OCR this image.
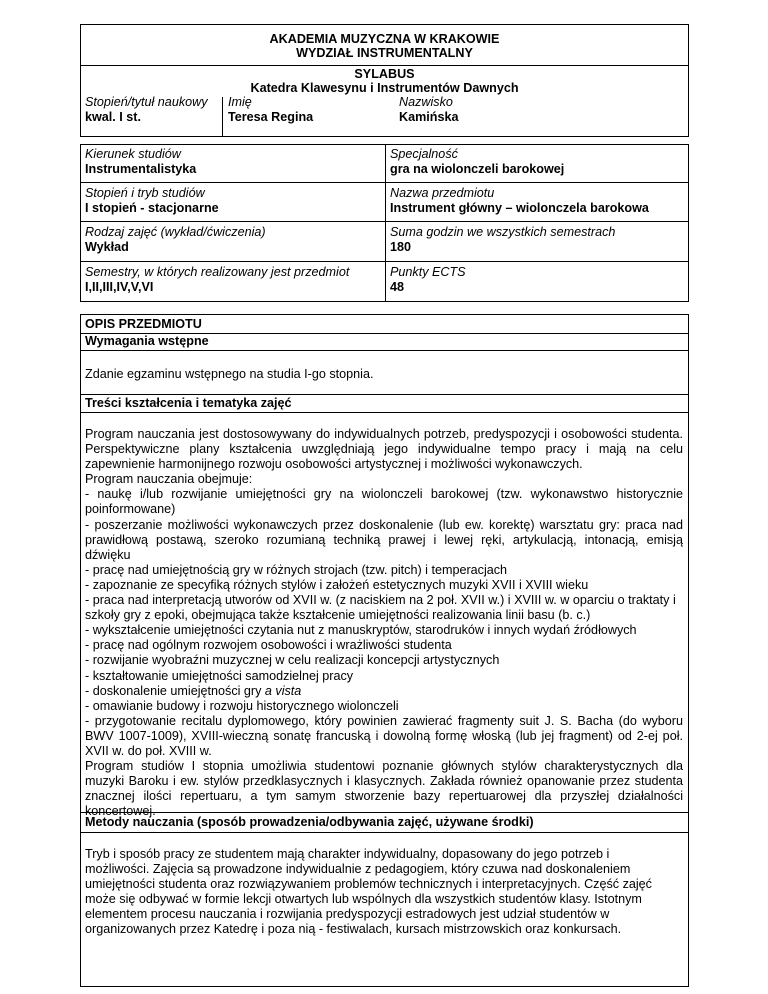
AKADEMIA MUZYCZNA W KRAKOWIE
WYDZIAŁ INSTRUMENTALNY
SYLABUS
Katedra Klawesynu i Instrumentów Dawnych
Stopień/tytuł naukowy
kwal. I st.
Imię
Teresa Regina
Nazwisko
Kamińska
Kierunek studiów
Instrumentalistyka
Specjalność
gra na wiolonczeli barokowej
Stopień i tryb studiów
I stopień - stacjonarne
Nazwa przedmiotu
Instrument główny – wiolonczela barokowa
Rodzaj zajęć (wykład/ćwiczenia)
Wykład
Suma godzin we wszystkich semestrach
180
Semestry, w których realizowany jest przedmiot
I,II,III,IV,V,VI
Punkty ECTS
48
OPIS PRZEDMIOTU
Wymagania wstępne
Zdanie egzaminu wstępnego na studia I-go stopnia.
Treści kształcenia i tematyka zajęć
Program nauczania jest dostosowywany do indywidualnych potrzeb, predyspozycji i osobowości studenta.
Perspektywiczne plany kształcenia uwzględniają jego indywidualne tempo pracy i mają na celu
zapewnienie harmonijnego rozwoju osobowości artystycznej i możliwości wykonawczych.
Program nauczania obejmuje:
- naukę i/lub rozwijanie umiejętności gry na wiolonczeli barokowej (tzw. wykonawstwo historycznie
poinformowane)
- poszerzanie możliwości wykonawczych przez doskonalenie (lub ew. korektę) warsztatu gry: praca nad
prawidłową postawą, szeroko rozumianą techniką prawej i lewej ręki, artykulacją, intonacją, emisją
dźwięku
- pracę nad umiejętnością gry w różnych strojach (tzw. pitch) i temperacjach
- zapoznanie ze specyfiką różnych stylów i założeń estetycznych muzyki XVII i XVIII wieku
- praca nad interpretacją utworów od XVII w. (z naciskiem na 2 poł. XVII w.) i XVIII w. w oparciu o traktaty i
szkoły gry z epoki, obejmująca także kształcenie umiejętności realizowania linii basu (b. c.)
- wykształcenie umiejętności czytania nut z manuskryptów, starodruków i innych wydań źródłowych
- pracę nad ogólnym rozwojem osobowości i wrażliwości studenta
- rozwijanie wyobraźni muzycznej w celu realizacji koncepcji artystycznych
- kształtowanie umiejętności samodzielnej pracy
- doskonalenie umiejętności gry a vista
- omawianie budowy i rozwoju historycznego wiolonczeli
- przygotowanie recitalu dyplomowego, który powinien zawierać fragmenty suit J. S. Bacha (do wyboru
BWV 1007-1009), XVIII-wieczną sonatę francuską i dowolną formę włoską (lub jej fragment) od 2-ej poł.
XVII w. do poł. XVIII w.
Program studiów I stopnia umożliwia studentowi poznanie głównych stylów charakterystycznych dla
muzyki Baroku i ew. stylów przedklasycznych i klasycznych. Zakłada również opanowanie przez studenta
znacznej ilości repertuaru, a tym samym stworzenie bazy repertuarowej dla przyszłej działalności
koncertowej.
Metody nauczania (sposób prowadzenia/odbywania zajęć, używane środki)
Tryb i sposób pracy ze studentem mają charakter indywidualny, dopasowany do jego potrzeb i
możliwości. Zajęcia są prowadzone indywidualnie z pedagogiem, który czuwa nad doskonaleniem
umiejętności studenta oraz rozwiązywaniem problemów technicznych i interpretacyjnych. Część zajęć
może się odbywać w formie lekcji otwartych lub wspólnych dla wszystkich studentów klasy. Istotnym
elementem procesu nauczania i rozwijania predyspozycji estradowych jest udział studentów w
organizowanych przez Katedrę i poza nią - festiwalach, kursach mistrzowskich oraz konkursach.
